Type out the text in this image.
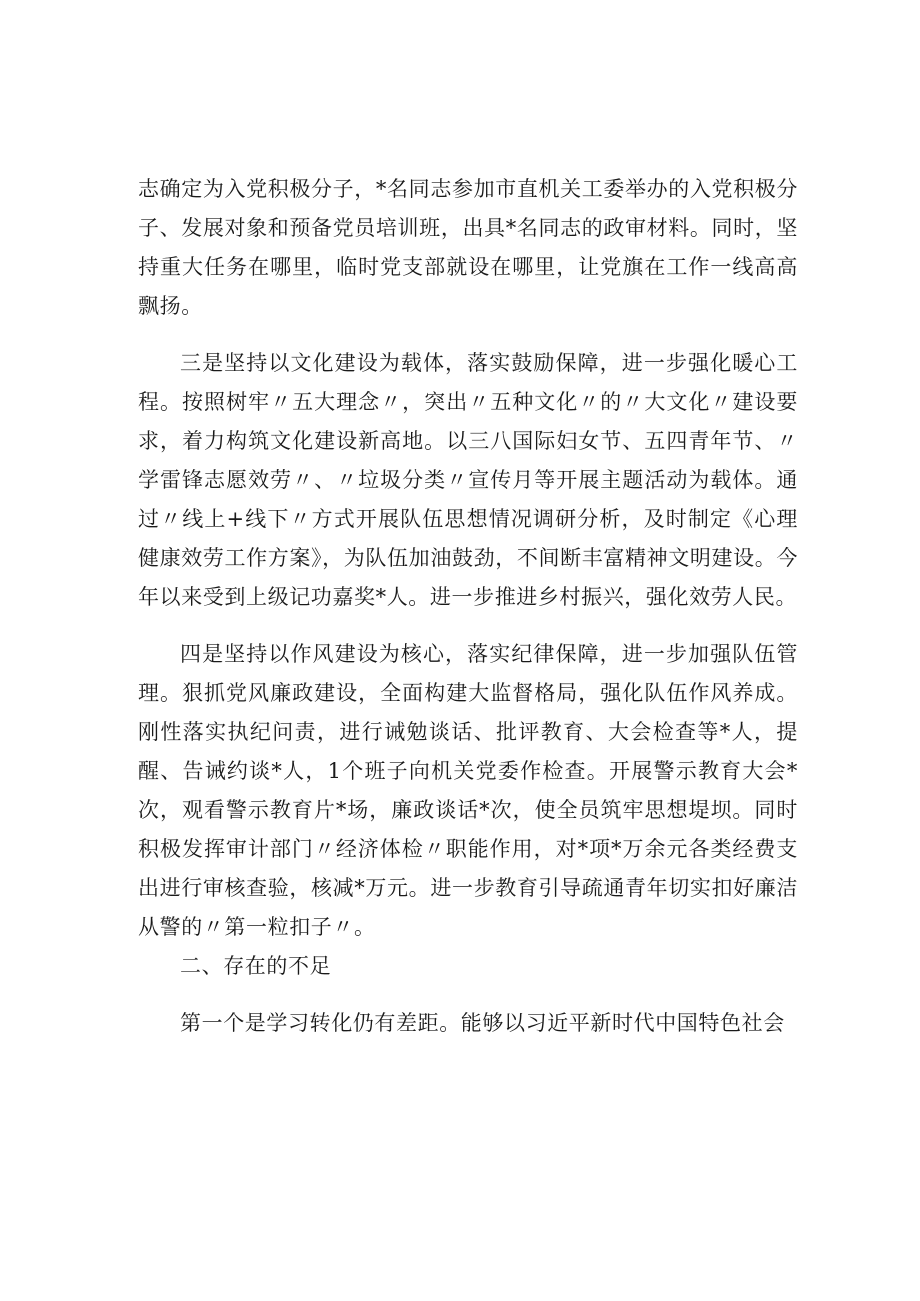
志确定为入党积极分子，*名同志参加市直机关工委举办的入党积极分子、发展对象和预备党员培训班，出具*名同志的政审材料。同时，坚持重大任务在哪里，临时党支部就设在哪里，让党旗在工作一线高高飘扬。

三是坚持以文化建设为载体，落实鼓励保障，进一步强化暖心工程。按照树牢〃五大理念〃，突出〃五种文化〃的〃大文化〃建设要求，着力构筑文化建设新高地。以三八国际妇女节、五四青年节、〃学雷锋志愿效劳〃、〃垃圾分类〃宣传月等开展主题活动为载体。通过〃线上+线下〃方式开展队伍思想情况调研分析，及时制定《心理健康效劳工作方案》，为队伍加油鼓劲，不间断丰富精神文明建设。今年以来受到上级记功嘉奖*人。进一步推进乡村振兴，强化效劳人民。

四是坚持以作风建设为核心，落实纪律保障，进一步加强队伍管理。狠抓党风廉政建设，全面构建大监督格局，强化队伍作风养成。刚性落实执纪问责，进行诫勉谈话、批评教育、大会检查等*人，提醒、告诫约谈*人，1个班子向机关党委作检查。开展警示教育大会*次，观看警示教育片*场，廉政谈话*次，使全员筑牢思想堤坝。同时积极发挥审计部门〃经济体检〃职能作用，对*项*万余元各类经费支出进行审核查验，核减*万元。进一步教育引导疏通青年切实扣好廉洁从警的〃第一粒扣子〃。

二、存在的不足

第一个是学习转化仍有差距。能够以习近平新时代中国特色社会
